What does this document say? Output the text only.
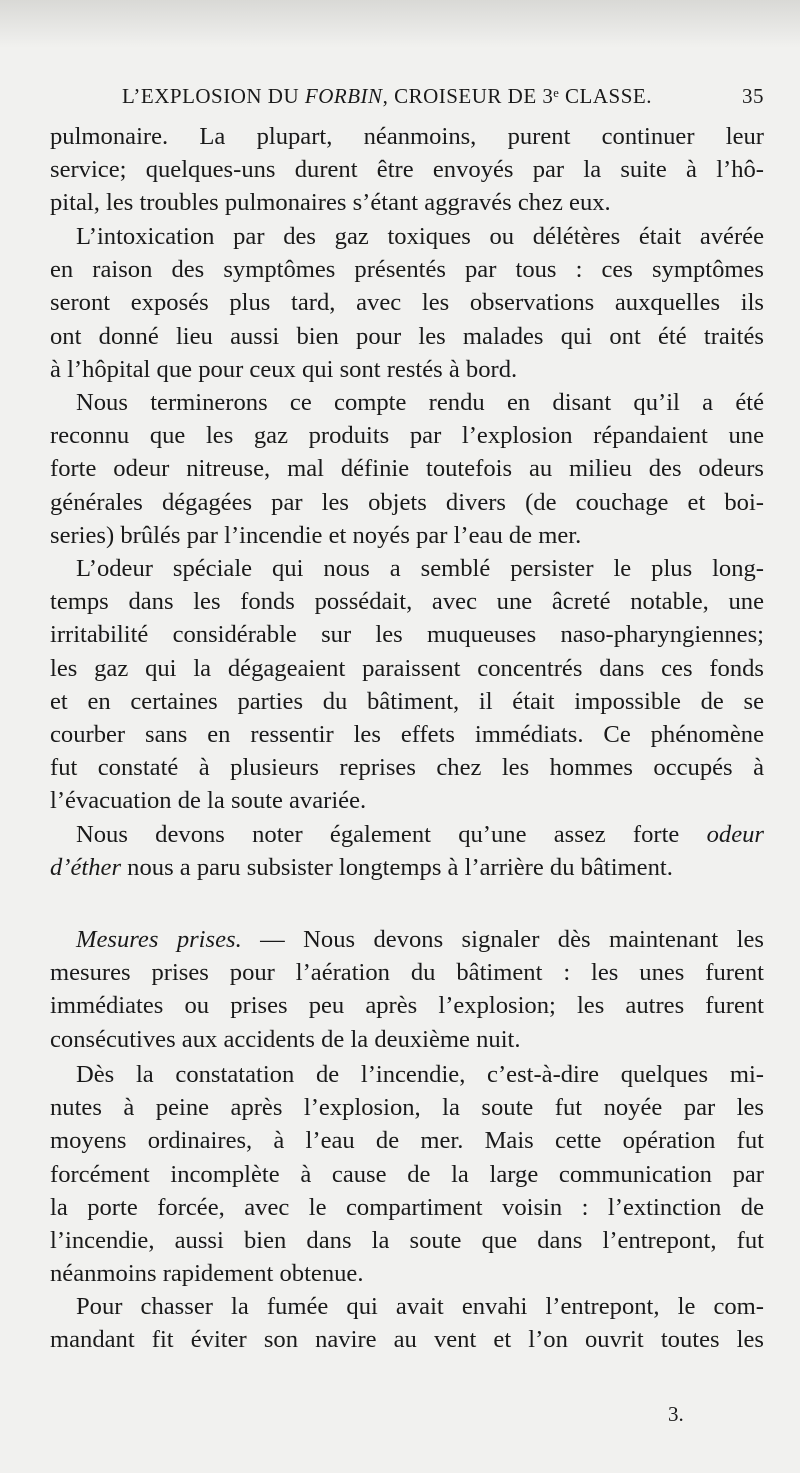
L’EXPLOSION DU FORBIN, CROISEUR DE 3ᵉ CLASSE.	35
pulmonaire. La plupart, néanmoins, purent continuer leur
service; quelques-uns durent être envoyés par la suite à l’hô-
pital, les troubles pulmonaires s’étant aggravés chez eux.
L’intoxication par des gaz toxiques ou délétères était avérée
en raison des symptômes présentés par tous : ces symptômes
seront exposés plus tard, avec les observations auxquelles ils
ont donné lieu aussi bien pour les malades qui ont été traités
à l’hôpital que pour ceux qui sont restés à bord.
Nous terminerons ce compte rendu en disant qu’il a été
reconnu que les gaz produits par l’explosion répandaient une
forte odeur nitreuse, mal définie toutefois au milieu des odeurs
générales dégagées par les objets divers (de couchage et boi-
series) brûlés par l’incendie et noyés par l’eau de mer.
L’odeur spéciale qui nous a semblé persister le plus long-
temps dans les fonds possédait, avec une âcreté notable, une
irritabilité considérable sur les muqueuses naso-pharyngiennes;
les gaz qui la dégageaient paraissent concentrés dans ces fonds
et en certaines parties du bâtiment, il était impossible de se
courber sans en ressentir les effets immédiats. Ce phénomène
fut constaté à plusieurs reprises chez les hommes occupés à
l’évacuation de la soute avariée.
Nous devons noter également qu’une assez forte odeur
d’éther nous a paru subsister longtemps à l’arrière du bâtiment.
Mesures prises. — Nous devons signaler dès maintenant les
mesures prises pour l’aération du bâtiment : les unes furent
immédiates ou prises peu après l’explosion; les autres furent
consécutives aux accidents de la deuxième nuit.
Dès la constatation de l’incendie, c’est-à-dire quelques mi-
nutes à peine après l’explosion, la soute fut noyée par les
moyens ordinaires, à l’eau de mer. Mais cette opération fut
forcément incomplète à cause de la large communication par
la porte forcée, avec le compartiment voisin : l’extinction de
l’incendie, aussi bien dans la soute que dans l’entrepont, fut
néanmoins rapidement obtenue.
Pour chasser la fumée qui avait envahi l’entrepont, le com-
mandant fit éviter son navire au vent et l’on ouvrit toutes les
3.
